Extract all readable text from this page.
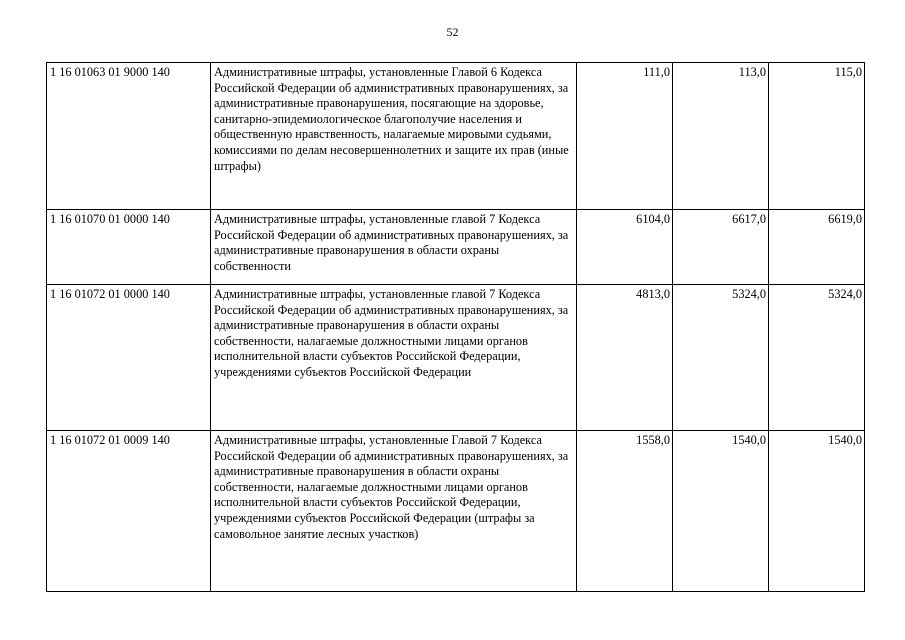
52
1 16 01063 01 9000 140	Административные штрафы, установленные Главой 6 Кодекса Российской Федерации об административных правонарушениях, за административные правонарушения, посягающие на здоровье, санитарно-эпидемиологическое благополучие населения и общественную нравственность, налагаемые мировыми судьями, комиссиями по делам несовершеннолетних и защите их прав (иные штрафы)	111,0	113,0	115,0
1 16 01070 01 0000 140	Административные штрафы, установленные главой 7 Кодекса Российской Федерации об административных правонарушениях, за административные правонарушения в области охраны собственности	6104,0	6617,0	6619,0
1 16 01072 01 0000 140	Административные штрафы, установленные главой 7 Кодекса Российской Федерации об административных правонарушениях, за административные правонарушения в области охраны собственности, налагаемые должностными лицами органов исполнительной власти субъектов Российской Федерации, учреждениями субъектов Российской Федерации	4813,0	5324,0	5324,0
1 16 01072 01 0009 140	Административные штрафы, установленные Главой 7 Кодекса Российской Федерации об административных правонарушениях, за административные правонарушения в области охраны собственности, налагаемые должностными лицами органов исполнительной власти субъектов Российской Федерации, учреждениями субъектов Российской Федерации (штрафы за самовольное занятие лесных участков)	1558,0	1540,0	1540,0
